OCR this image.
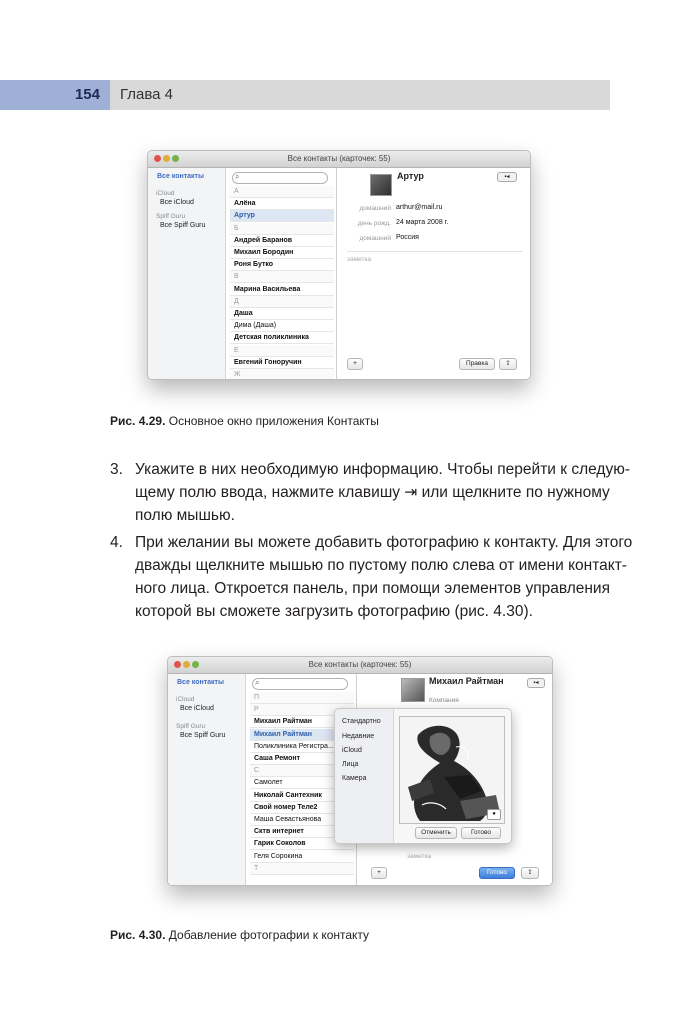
154	Глава 4
Все контакты (карточек: 55)
Все контакты
iCloud
Все iCloud
Spiff Guru
Все Spiff Guru
⌕
А
Алёна
Артур
Б
Андрей Баранов
Михаил Бородин
Роня Бутко
В
Марина Васильева
Д
Даша
Дима (Даша)
Детская поликлиника
Е
Евгений Гоноручин
Ж
Артур	▪◂
домашний arthur@mail.ru
день рожд. 24 марта 2008 г.
домашний Россия
заметка
+	Правка	⇪
Рис. 4.29. Основное окно приложения Контакты
3. Укажите в них необходимую информацию. Чтобы перейти к следую-
щему полю ввода, нажмите клавишу ⇥ или щелкните по нужному
полю мышью.
4. При желании вы можете добавить фотографию к контакту. Для этого
дважды щелкните мышью по пустому полю слева от имени контакт-
ного лица. Откроется панель, при помощи элементов управления
которой вы сможете загрузить фотографию (рис. 4.30).
Все контакты (карточек: 55)
Все контакты
iCloud
Все iCloud
Spiff Guru
Все Spiff Guru
⌕
П
Р
Михаил Райтман
Михаил Райтман
Поликлиника Регистра...
Саша Ремонт
С
Самолет
Николай Сантехник
Свой номер Теле2
Маша Севастьянова
Сктв интернет
Гарик Соколов
Геля Сорокина
Т
Михаил Райтман
Компания
▪◂
заметка
+	Готово	⇪
Стандартно
Недавние
iCloud
Лица
Камера
●
Отменить	Готово
Рис. 4.30. Добавление фотографии к контакту
